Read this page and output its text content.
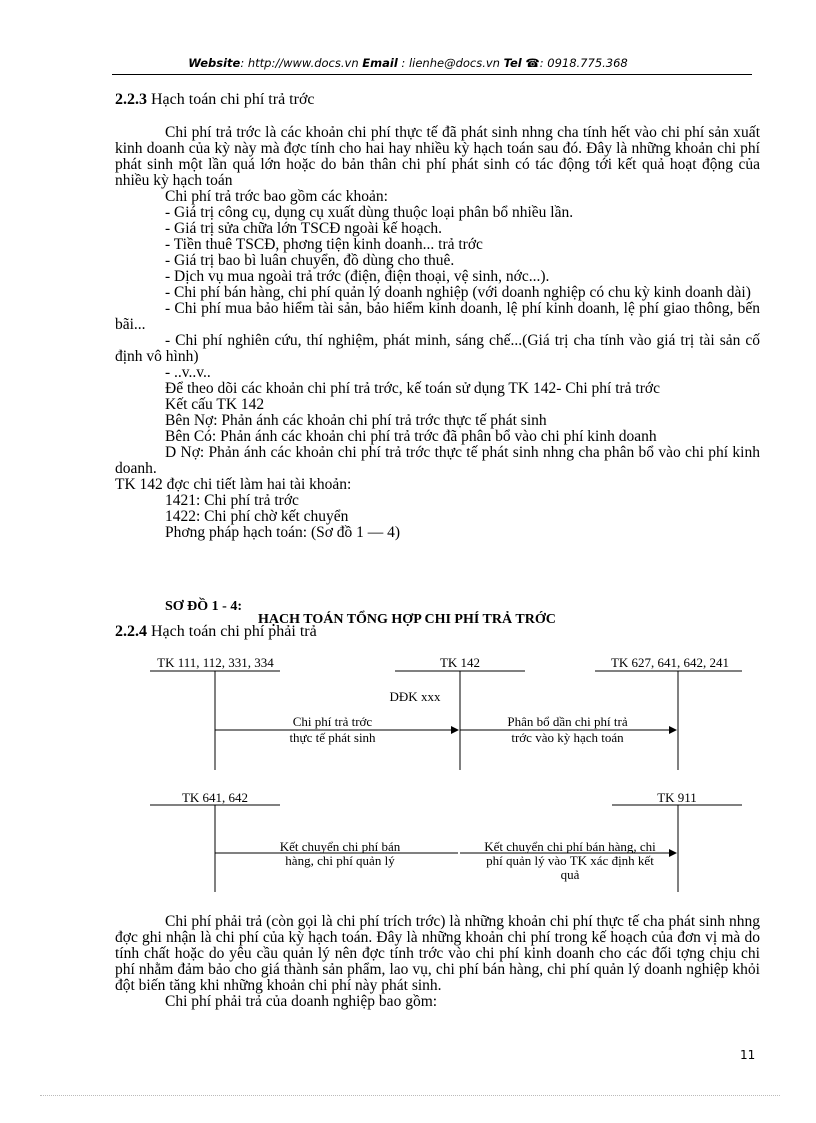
Website: http://www.docs.vn Email : lienhe@docs.vn Tel ☎: 0918.775.368
2.2.3 Hạch toán chi phí trả trớc

Chi phí trả trớc là các khoản chi phí thực tế đã phát sinh nhng cha tính hết vào chi phí sản xuất kinh doanh của kỳ này mà đợc tính cho hai hay nhiều kỳ hạch toán sau đó. Đây là những khoản chi phí phát sinh một lần quá lớn hoặc do bản thân chi phí phát sinh có tác động tới kết quả hoạt động của nhiều kỳ hạch toán

Chi phí trả trớc bao gồm các khoản:

- Giá trị công cụ, dụng cụ xuất dùng thuộc loại phân bổ nhiều lần.

- Giá trị sửa chữa lớn TSCĐ ngoài kế hoạch.

- Tiền thuê TSCĐ, phơng tiện kinh doanh... trả trớc

- Giá trị bao bì luân chuyển, đồ dùng cho thuê.

- Dịch vụ mua ngoài trả trớc (điện, điện thoại, vệ sinh, nớc...).

- Chi phí bán hàng, chi phí quản lý doanh nghiệp (với doanh nghiệp có chu kỳ kinh doanh dài)

- Chi phí mua bảo hiểm tài sản, bảo hiểm kinh doanh, lệ phí kinh doanh, lệ phí giao thông, bến bãi...

- Chi phí nghiên cứu, thí nghiệm, phát minh, sáng chế...(Giá trị cha tính vào giá trị tài sản cố định vô hình)

- ..v..v..

Để theo dõi các khoản chi phí trả trớc, kế toán sử dụng TK 142- Chi phí trả trớc

Kết cấu TK 142

Bên Nợ: Phản ánh các khoản chi phí trả trớc thực tế phát sinh

Bên Có: Phản ánh các khoản chi phí trả trớc đã phân bổ vào chi phí kinh doanh

D Nợ: Phản ánh các khoản chi phí trả trớc thực tế phát sinh nhng cha phân bổ vào chi phí kinh doanh.

TK 142 đợc chi tiết làm hai tài khoản:

1421: Chi phí trả trớc

1422: Chi phí chờ kết chuyển

Phơng pháp hạch toán: (Sơ đồ 1 — 4)

SƠ ĐỒ 1 - 4:
HẠCH TOÁN TỔNG HỢP CHI PHÍ TRẢ TRỚC
2.2.4 Hạch toán chi phí phải trả
TK 111, 112, 331, 334	TK 142	TK 627, 641, 642, 241
DĐK xxx
Chi phí trả trớc
thực tế phát sinh
Phân bổ dần chi phí trả
trớc vào kỳ hạch toán
TK 641, 642	TK 911
Kết chuyển chi phí bán
hàng, chi phí quản lý
Kết chuyển chi phí bán hàng, chi
phí quản lý vào TK xác định kết
quả

Chi phí phải trả (còn gọi là chi phí trích trớc) là những khoản chi phí thực tế cha phát sinh nhng đợc ghi nhận là chi phí của kỳ hạch toán. Đây là những khoản chi phí trong kế hoạch của đơn vị mà do tính chất hoặc do yêu cầu quản lý nên đợc tính trớc vào chi phí kinh doanh cho các đối tợng chịu chi phí nhằm đảm bảo cho giá thành sản phẩm, lao vụ, chi phí bán hàng, chi phí quản lý doanh nghiệp khỏi đột biến tăng khi những khoản chi phí này phát sinh.

Chi phí phải trả của doanh nghiệp bao gồm:

11
